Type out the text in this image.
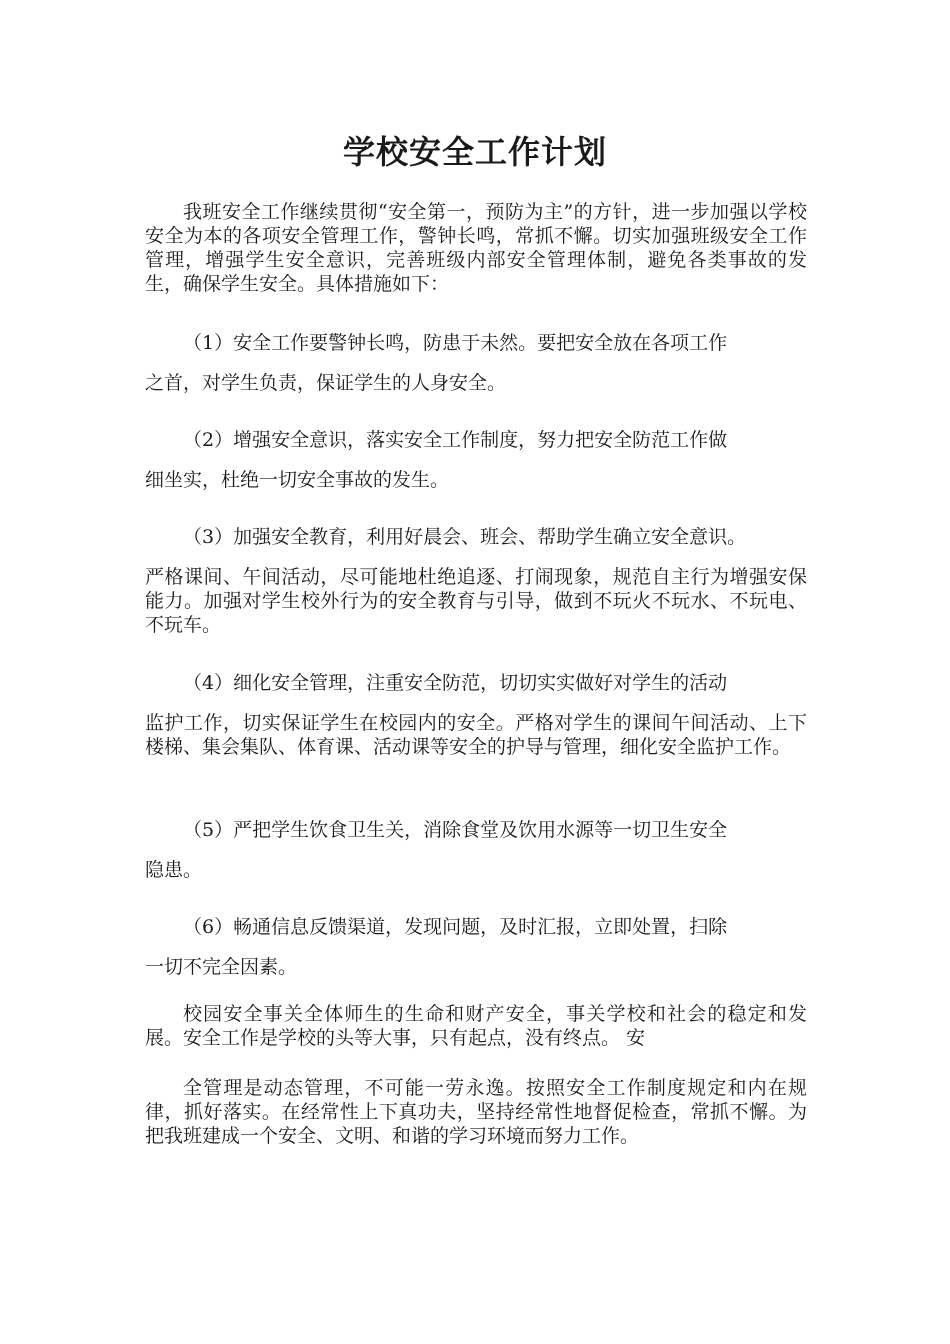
学校安全工作计划

我班安全工作继续贯彻“安全第一，预防为主”的方针，进一步加强以学校安全为本的各项安全管理工作，警钟长鸣，常抓不懈。切实加强班级安全工作管理，增强学生安全意识，完善班级内部安全管理体制，避免各类事故的发生，确保学生安全。具体措施如下：

（1）安全工作要警钟长鸣，防患于未然。要把安全放在各项工作

之首，对学生负责，保证学生的人身安全。

（2）增强安全意识，落实安全工作制度，努力把安全防范工作做

细坐实，杜绝一切安全事故的发生。

（3）加强安全教育，利用好晨会、班会、帮助学生确立安全意识。

严格课间、午间活动，尽可能地杜绝追逐、打闹现象，规范自主行为增强安保能力。加强对学生校外行为的安全教育与引导，做到不玩火不玩水、不玩电、不玩车。

（4）细化安全管理，注重安全防范，切切实实做好对学生的活动

监护工作，切实保证学生在校园内的安全。严格对学生的课间午间活动、上下楼梯、集会集队、体育课、活动课等安全的护导与管理，细化安全监护工作。

（5）严把学生饮食卫生关，消除食堂及饮用水源等一切卫生安全

隐患。

（6）畅通信息反馈渠道，发现问题，及时汇报，立即处置，扫除

一切不完全因素。

校园安全事关全体师生的生命和财产安全，事关学校和社会的稳定和发展。安全工作是学校的头等大事，只有起点，没有终点。 安

全管理是动态管理，不可能一劳永逸。按照安全工作制度规定和内在规律，抓好落实。在经常性上下真功夫，坚持经常性地督促检查，常抓不懈。为把我班建成一个安全、文明、和谐的学习环境而努力工作。
